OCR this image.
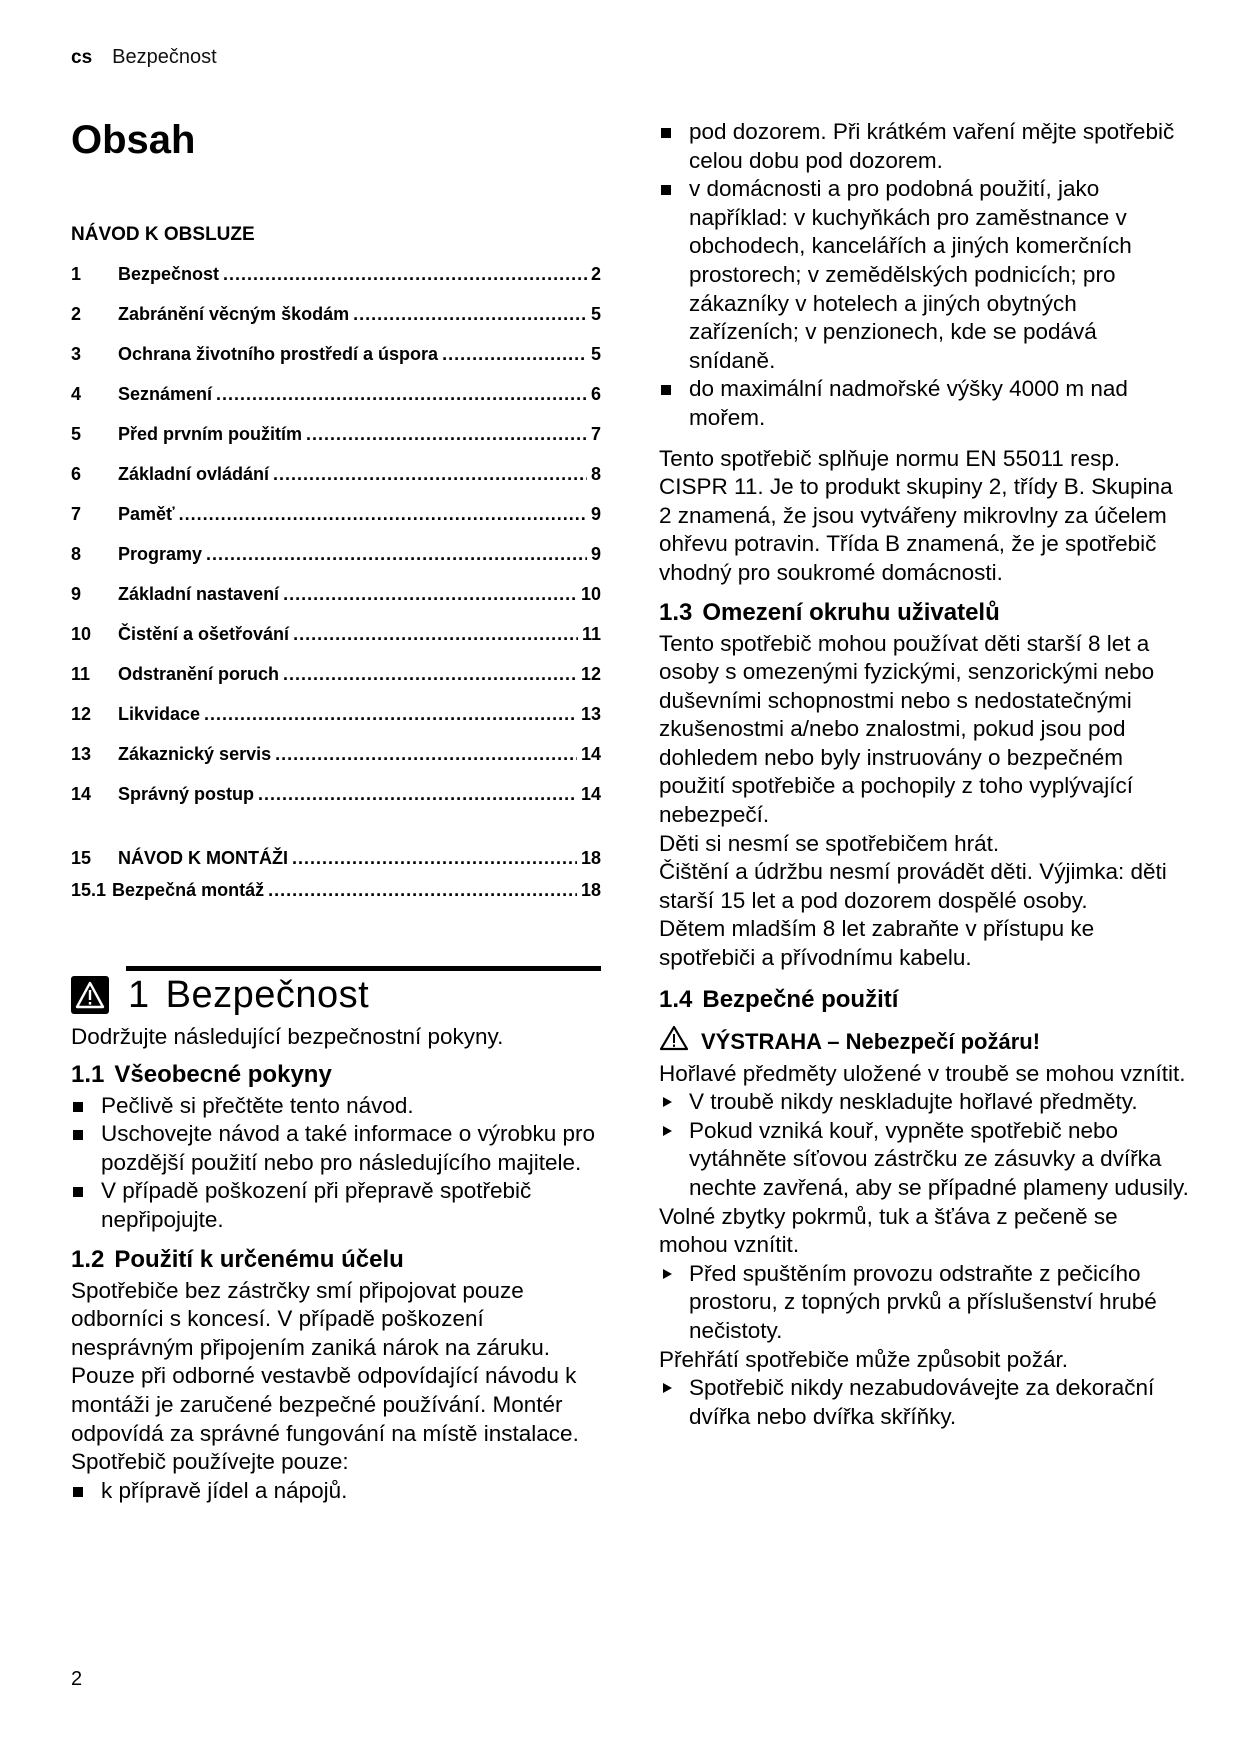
cs Bezpečnost
Obsah
NÁVOD K OBSLUZE
1	Bezpečnost .....	2
2	Zabránění věcným škodám .....	5
3	Ochrana životního prostředí a úspora .....	5
4	Seznámení .....	6
5	Před prvním použitím .....	7
6	Základní ovládání .....	8
7	Paměť .....	9
8	Programy .....	9
9	Základní nastavení .....	10
10	Čistění a ošetřování .....	11
11	Odstranění poruch .....	12
12	Likvidace .....	13
13	Zákaznický servis .....	14
14	Správný postup .....	14
15	NÁVOD K MONTÁŽI .....	18
15.1 Bezpečná montáž .....	18
1 Bezpečnost

Dodržujte následující bezpečnostní pokyny.

1.1 Všeobecné pokyny
Pečlivě si přečtěte tento návod.
Uschovejte návod a také informace o výrobku pro pozdější použití nebo pro následujícího majitele.
V případě poškození při přepravě spotřebič nepřipojujte.
1.2 Použití k určenému účelu

Spotřebiče bez zástrčky smí připojovat pouze odborníci s koncesí. V případě poškození nesprávným připojením zaniká nárok na záruku.

Pouze při odborné vestavbě odpovídající návodu k montáži je zaručené bezpečné používání. Montér odpovídá za správné fungování na místě instalace.

Spotřebič používejte pouze:

k přípravě jídel a nápojů.
pod dozorem. Při krátkém vaření mějte spotřebič celou dobu pod dozorem.
v domácnosti a pro podobná použití, jako například: v kuchyňkách pro zaměstnance v obchodech, kancelářích a jiných komerčních prostorech; v zemědělských podnicích; pro zákazníky v hotelech a jiných obytných zařízeních; v penzionech, kde se podává snídaně.
do maximální nadmořské výšky 4000 m nad mořem.

Tento spotřebič splňuje normu EN 55011 resp. CISPR 11. Je to produkt skupiny 2, třídy B. Skupina 2 znamená, že jsou vytvářeny mikrovlny za účelem ohřevu potravin. Třída B znamená, že je spotřebič vhodný pro soukromé domácnosti.

1.3 Omezení okruhu uživatelů

Tento spotřebič mohou používat děti starší 8 let a osoby s omezenými fyzickými, senzorickými nebo duševními schopnostmi nebo s nedostatečnými zkušenostmi a/nebo znalostmi, pokud jsou pod dohledem nebo byly instruovány o bezpečném použití spotřebiče a pochopily z toho vyplývající nebezpečí.

Děti si nesmí se spotřebičem hrát.

Čištění a údržbu nesmí provádět děti. Výjimka: děti starší 15 let a pod dozorem dospělé osoby.

Dětem mladším 8 let zabraňte v přístupu ke spotřebiči a přívodnímu kabelu.

1.4 Bezpečné použití
VÝSTRAHA – Nebezpečí požáru!

Hořlavé předměty uložené v troubě se mohou vznítit.

V troubě nikdy neskladujte hořlavé předměty.
Pokud vzniká kouř, vypněte spotřebič nebo vytáhněte síťovou zástrčku ze zásuvky a dvířka nechte zavřená, aby se případné plameny udusily.

Volné zbytky pokrmů, tuk a šťáva z pečeně se mohou vznítit.

Před spuštěním provozu odstraňte z pečicího prostoru, z topných prvků a příslušenství hrubé nečistoty.

Přehřátí spotřebiče může způsobit požár.

Spotřebič nikdy nezabudovávejte za dekorační dvířka nebo dvířka skříňky.
2
